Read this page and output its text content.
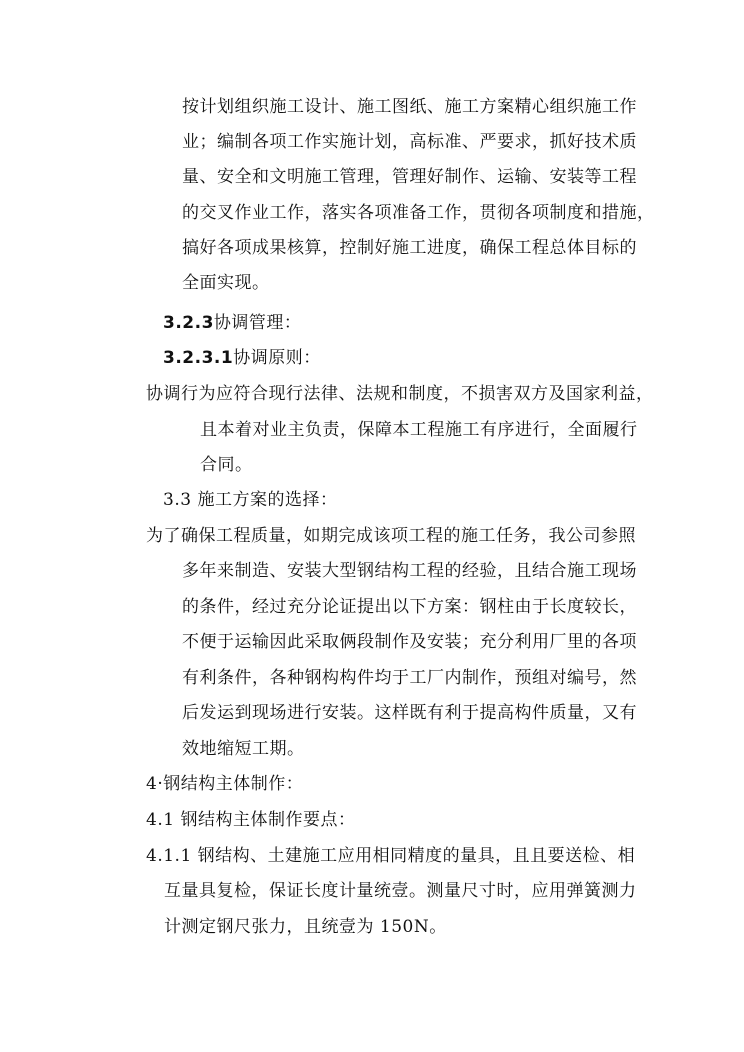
按计划组织施工设计、施工图纸、施工方案精心组织施工作
业；编制各项工作实施计划，高标准、严要求，抓好技术质
量、安全和文明施工管理，管理好制作、运输、安装等工程
的交叉作业工作，落实各项准备工作，贯彻各项制度和措施，
搞好各项成果核算，控制好施工进度，确保工程总体目标的
全面实现。
3.2.3协调管理：
3.2.3.1协调原则：
协调行为应符合现行法律、法规和制度，不损害双方及国家利益，
且本着对业主负责，保障本工程施工有序进行，全面履行
合同。
3.3 施工方案的选择：
为了确保工程质量，如期完成该项工程的施工任务，我公司参照
多年来制造、安装大型钢结构工程的经验，且结合施工现场
的条件，经过充分论证提出以下方案：钢柱由于长度较长，
不便于运输因此采取俩段制作及安装；充分利用厂里的各项
有利条件，各种钢构构件均于工厂内制作，预组对编号，然
后发运到现场进行安装。这样既有利于提高构件质量，又有
效地缩短工期。
4·钢结构主体制作：
4.1 钢结构主体制作要点：
4.1.1 钢结构、土建施工应用相同精度的量具，且且要送检、相
互量具复检，保证长度计量统壹。测量尺寸时，应用弹簧测力
计测定钢尺张力，且统壹为 150N。
